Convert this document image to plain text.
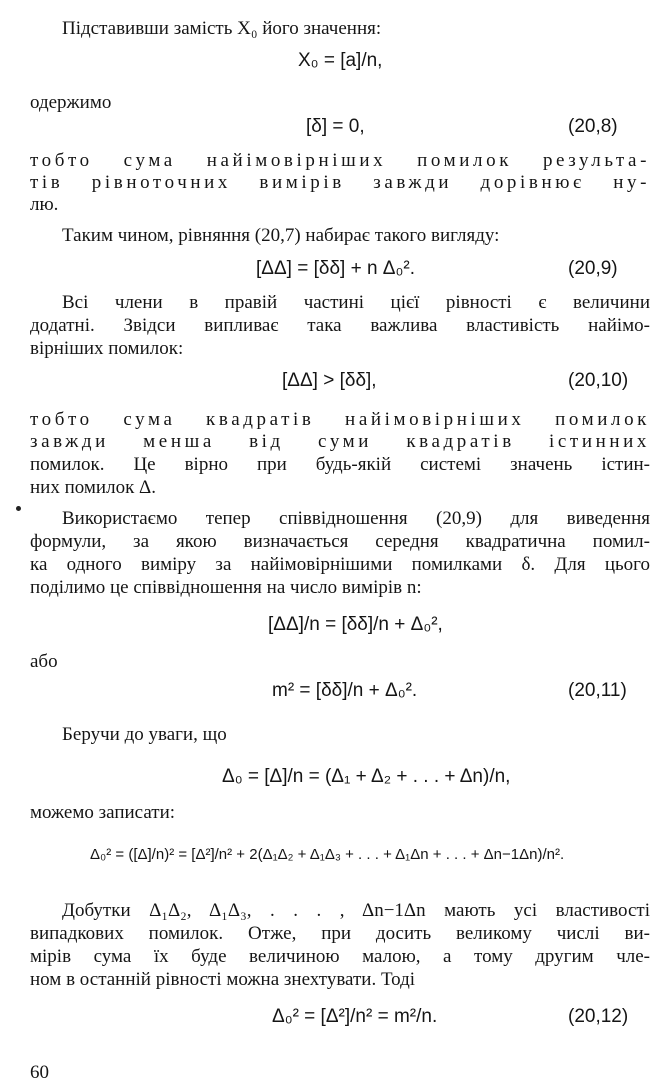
Підставивши замість X₀ його значення:
X₀ = [a]/n,
одержимо
[δ] = 0,	(20,8)
тобто сума найімовірніших помилок результа-
тів рівноточних вимірів завжди дорівнює ну-
лю.
Таким чином, рівняння (20,7) набирає такого вигляду:
[ΔΔ] = [δδ] + n Δ₀².	(20,9)
Всі члени в правій частині цієї рівності є величини
додатні. Звідси випливає така важлива властивість найімо-
вірніших помилок:
[ΔΔ] > [δδ],	(20,10)
тобто сума квадратів найімовірніших помилок
завжди менша від суми квадратів істинних
помилок. Це вірно при будь-якій системі значень істин-
них помилок Δ.
Використаємо тепер співвідношення (20,9) для виведення
формули, за якою визначається середня квадратична помил-
ка одного виміру за найімовірнішими помилками δ. Для цього
поділимо це співвідношення на число вимірів n:
[ΔΔ]/n = [δδ]/n + Δ₀²,
або
m² = [δδ]/n + Δ₀².	(20,11)
Беручи до уваги, що
Δ₀ = [Δ]/n = (Δ₁ + Δ₂ + . . . + Δn)/n,
можемо записати:
Δ₀² = ([Δ]/n)² = [Δ²]/n² + 2(Δ₁Δ₂ + Δ₁Δ₃ + . . . + Δ₁Δn + . . . + Δn−1Δn)/n².
Добутки Δ₁Δ₂, Δ₁Δ₃, . . . , Δn−1Δn мають усі властивості
випадкових помилок. Отже, при досить великому числі ви-
мірів сума їх буде величиною малою, а тому другим чле-
ном в останній рівності можна знехтувати. Тоді
Δ₀² = [Δ²]/n² = m²/n.	(20,12)
60
